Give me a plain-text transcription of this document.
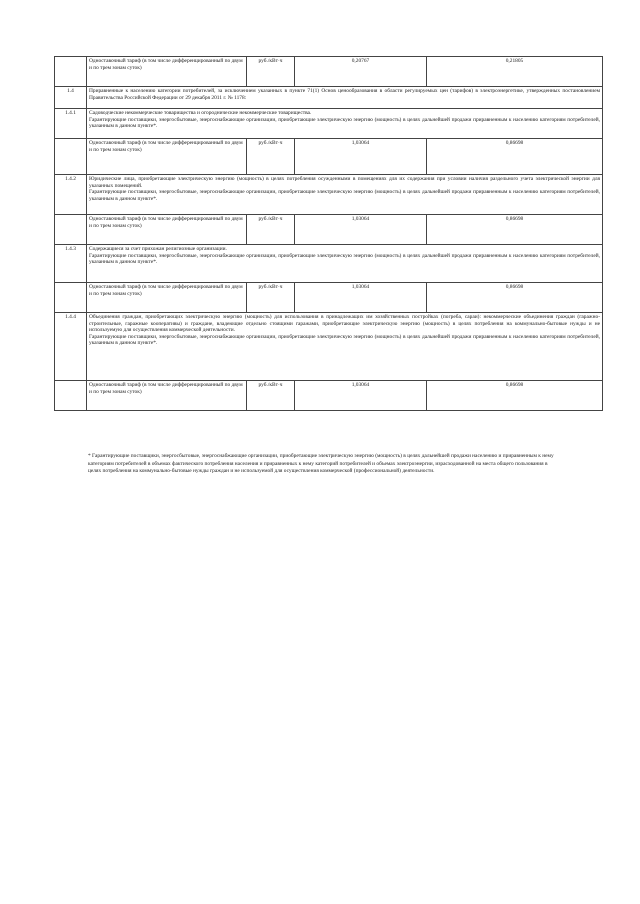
	Одноставочный тариф (в том числе дифференцированный по двум и по трем зонам суток)	руб./кВт·ч	0,20767	0,21805
1.4	Приравненные к населению категории потребителей, за исключением указанных в пункте 71(1) Основ ценообразования в области регулируемых цен (тарифов) в электроэнергетике, утвержденных постановлением Правительства Российской Федерации от 29 декабря 2011 г. № 1178:			
1.4.1	Садоводческие некоммерческие товарищества и огороднические некоммерческие товарищества.
Гарантирующие поставщики, энергосбытовые, энергоснабжающие организации, приобретающие электрическую энергию (мощность) в целях дальнейшей продажи приравненным к населению категориям потребителей, указанным в данном пункте*.			

	Одноставочный тариф (в том числе дифференцированный по двум и по трем зонам суток)	руб./кВт·ч	1,03064	0,86698
1.4.2	Юридические лица, приобретающие электрическую энергию (мощность) в целях потребления осужденными в помещениях для их содержания при условии наличия раздельного учета электрической энергии для указанных помещений.
Гарантирующие поставщики, энергосбытовые, энергоснабжающие организации, приобретающие электрическую энергию (мощность) в целях дальнейшей продажи приравненным к населению категориям потребителей, указанным в данном пункте*.			

	Одноставочный тариф (в том числе дифференцированный по двум и по трем зонам суток)	руб./кВт·ч	1,03064	0,86698
1.4.3	Содержащиеся за счет прихожан религиозные организации.
Гарантирующие поставщики, энергосбытовые, энергоснабжающие организации, приобретающие электрическую энергию (мощность) в целях дальнейшей продажи приравненным к населению категориям потребителей, указанным в данном пункте*.			

	Одноставочный тариф (в том числе дифференцированный по двум и по трем зонам суток)	руб./кВт·ч	1,03064	0,86698
1.4.4	Объединения граждан, приобретающих электрическую энергию (мощность) для использования в принадлежащих им хозяйственных постройках (погреба, сараи): некоммерческие объединения граждан (гаражно-строительные, гаражные кооперативы) и граждане, владеющие отдельно стоящими гаражами, приобретающие электрическую энергию (мощность) в целях потребления на коммунально-бытовые нужды и не используемую для осуществления коммерческой деятельности.
Гарантирующие поставщики, энергосбытовые, энергоснабжающие организации, приобретающие электрическую энергию (мощность) в целях дальнейшей продажи приравненным к населению категориям потребителей, указанным в данном пункте*.			

	Одноставочный тариф (в том числе дифференцированный по двум и по трем зонам суток)	руб./кВт·ч	1,03064	0,86698
* Гарантирующие поставщики, энергосбытовые, энергоснабжающие организации, приобретающие электрическую энергию (мощность) в целях дальнейшей продажи населению и приравненным к нему категориям потребителей в объемах фактического потребления населения и приравненных к нему категорий потребителей и объемах электроэнергии, израсходованной на места общего пользования в целях потребления на коммунально-бытовые нужды граждан и не используемой для осуществления коммерческой (профессиональной) деятельности.
